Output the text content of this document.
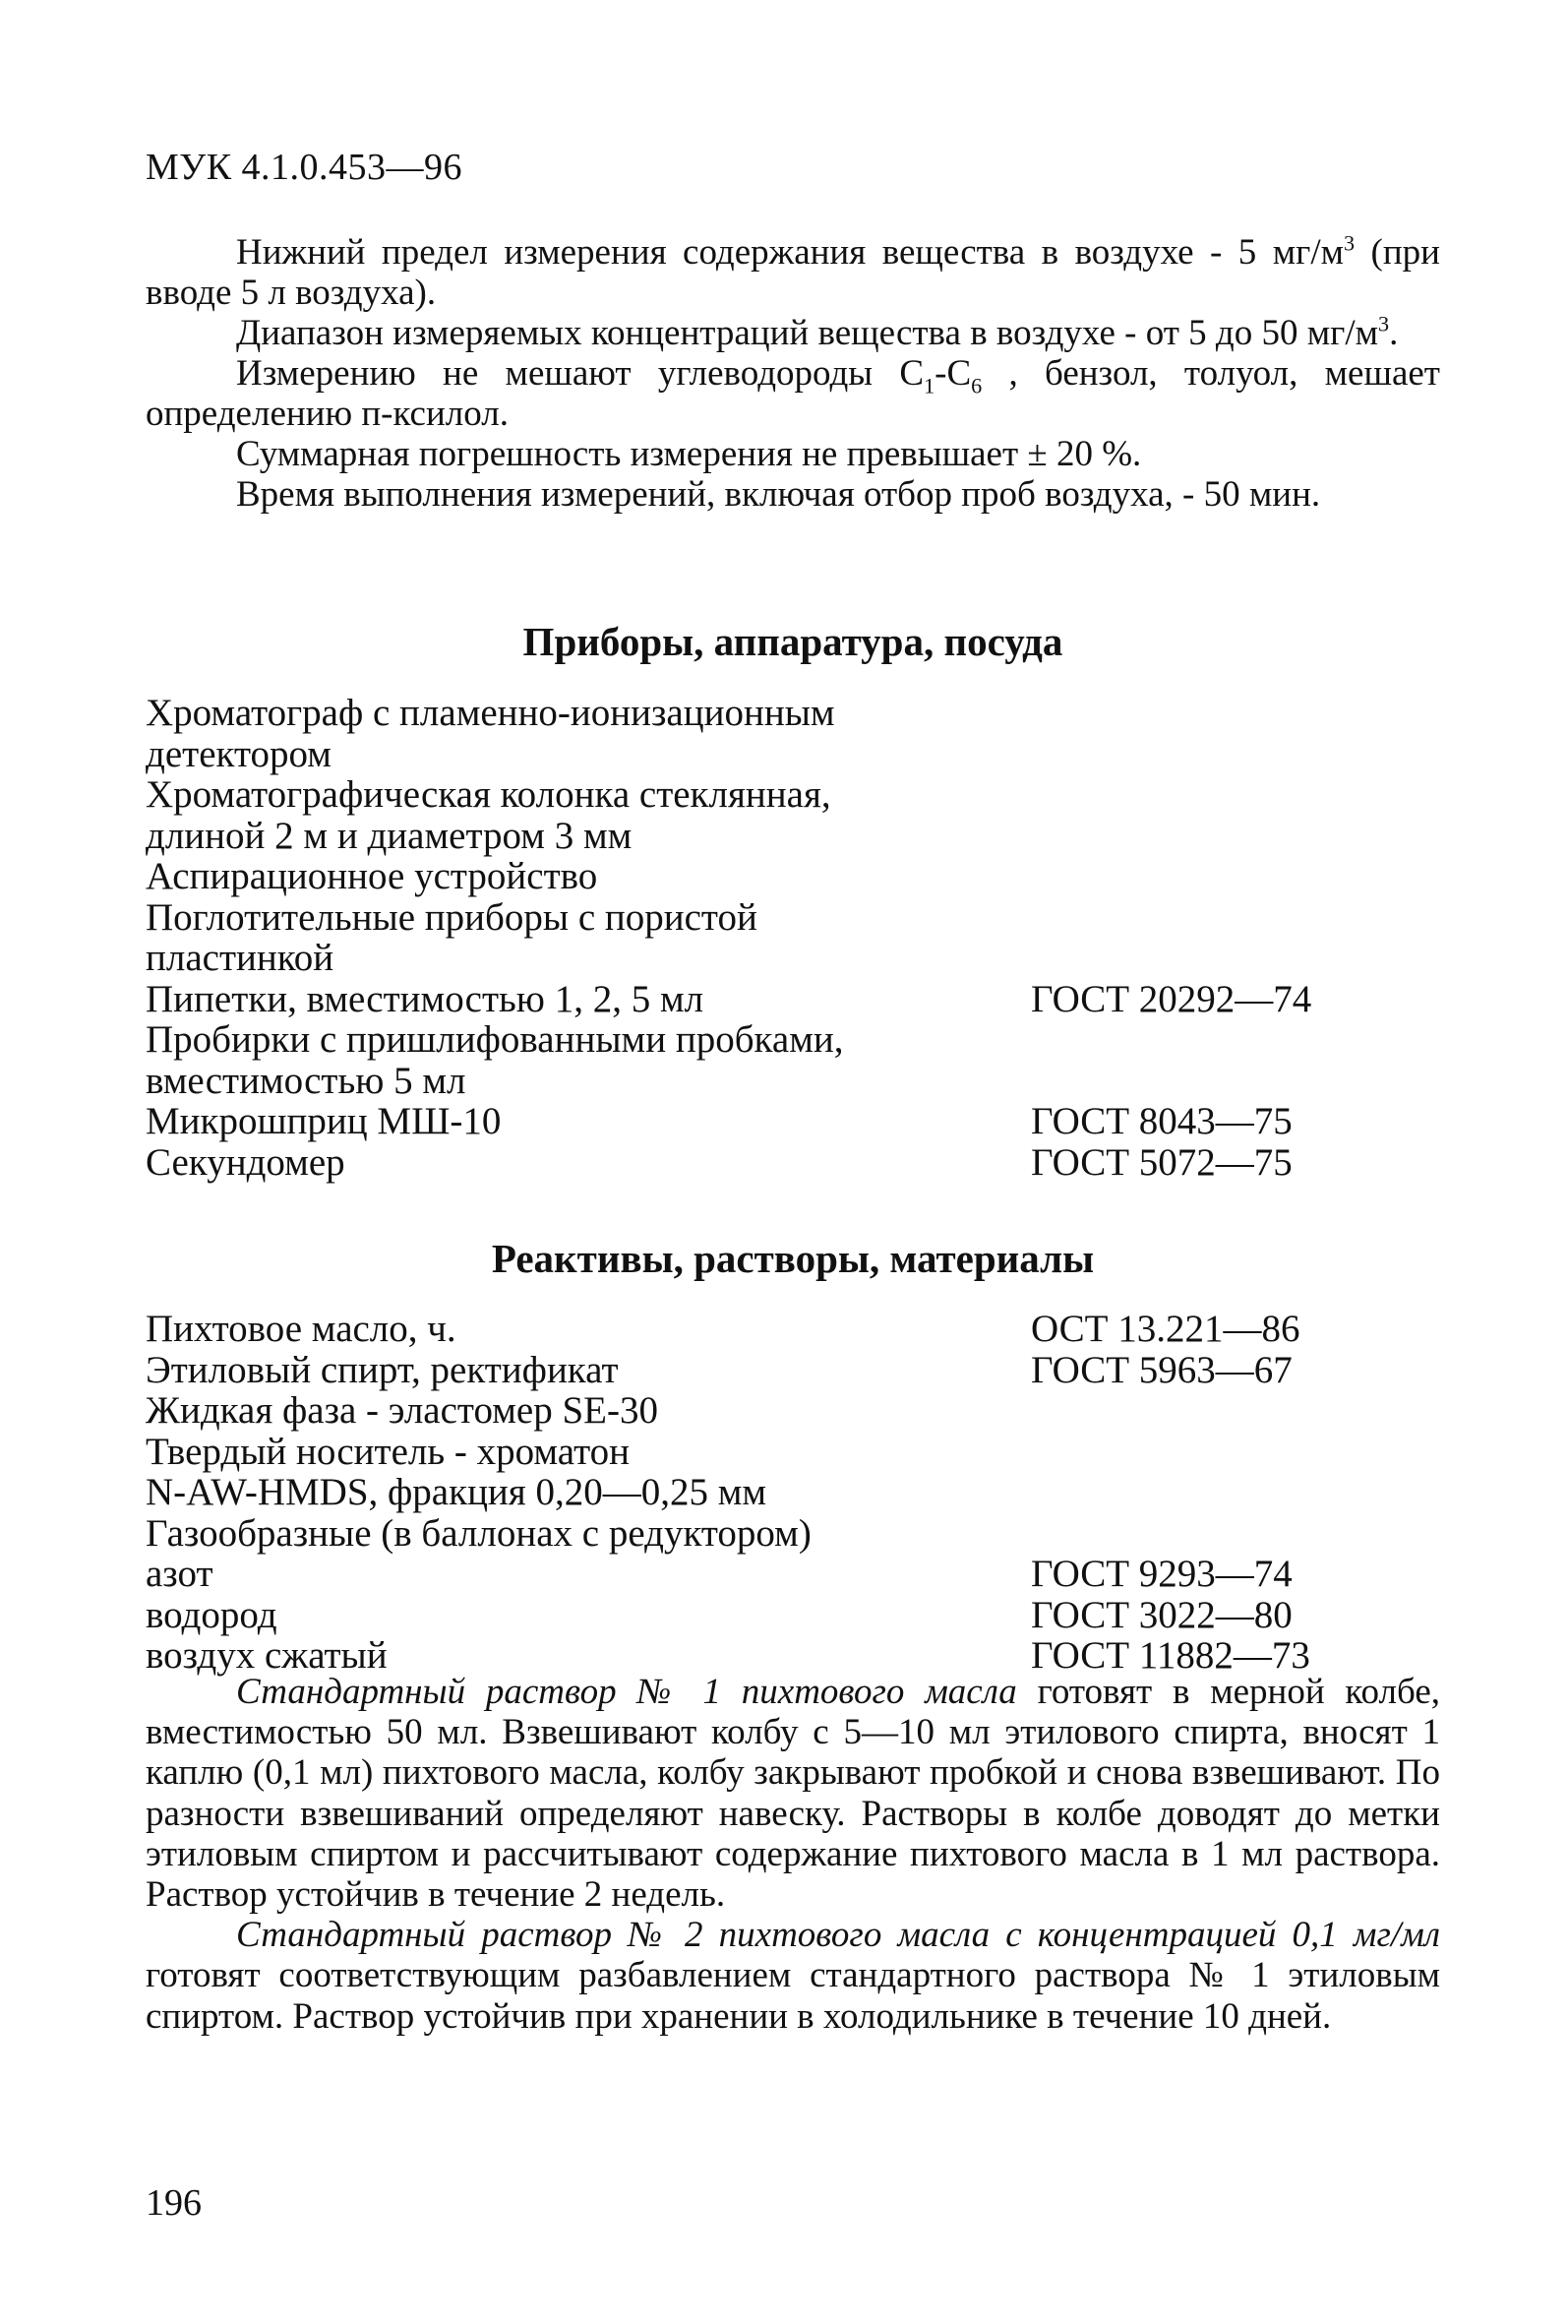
МУК 4.1.0.453—96

Нижний предел измерения содержания вещества в воздухе - 5 $мг/м^3$ (при вводе 5 л воздуха).

Диапазон измеряемых концентраций вещества в воздухе - от 5 до 50 $мг/м^3$.

Измерению не мешают углеводороды $С_1-С_6$ , бензол, толуол, мешает определению п-ксилол.

Суммарная погрешность измерения не превышает ± 20 %.

Время выполнения измерений, включая отбор проб воздуха, - 50 мин.

Приборы, аппаратура, посуда
Хроматограф с пламенно-ионизационным
детектором
Хроматографическая колонка стеклянная,
длиной 2 м и диаметром 3 мм
Аспирационное устройство
Поглотительные приборы с пористой
пластинкой
Пипетки, вместимостью 1, 2, 5 мл	ГОСТ 20292—74
Пробирки с пришлифованными пробками,
вместимостью 5 мл
Микрошприц МШ-10	ГОСТ 8043—75
Секундомер	ГОСТ 5072—75
Реактивы, растворы, материалы
Пихтовое масло, ч.	ОСТ 13.221—86
Этиловый спирт, ректификат	ГОСТ 5963—67
Жидкая фаза - эластомер SE-30
Твердый носитель - хроматон
N-AW-HMDS, фракция 0,20—0,25 мм
Газообразные (в баллонах с редуктором)
азот	ГОСТ 9293—74
водород	ГОСТ 3022—80
воздух сжатый	ГОСТ 11882—73

Стандартный раствор № 1 пихтового масла готовят в мерной колбе, вместимостью 50 мл. Взвешивают колбу с 5—10 мл этилового спирта, вносят 1 каплю (0,1 мл) пихтового масла, колбу закрывают пробкой и снова взвешивают. По разности взвешиваний определяют навеску. Растворы в колбе доводят до метки этиловым спиртом и рассчитывают содержание пихтового масла в 1 мл раствора. Раствор устойчив в течение 2 недель.

Стандартный раствор № 2 пихтового масла с концентрацией 0,1 мг/мл готовят соответствующим разбавлением стандартного раствора № 1 этиловым спиртом. Раствор устойчив при хранении в холодильнике в течение 10 дней.

196
